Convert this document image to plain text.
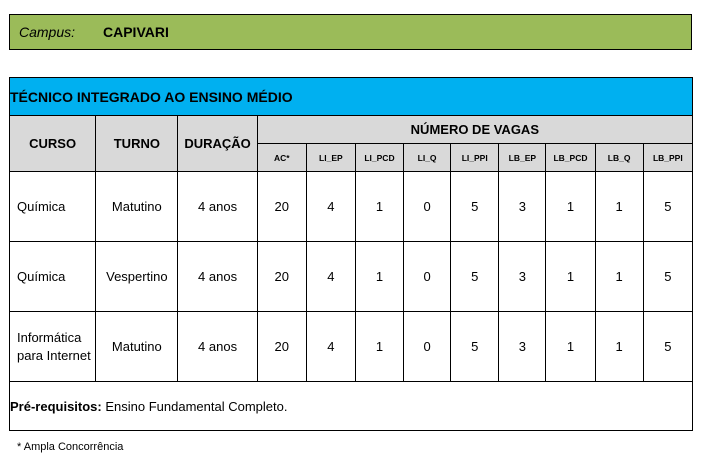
Campus:	CAPIVARI
TÉCNICO INTEGRADO AO ENSINO MÉDIO											
CURSO	TURNO	DURAÇÃO	NÚMERO DE VAGAS								
			AC*	LI_EP	LI_PCD	LI_Q	LI_PPI	LB_EP	LB_PCD	LB_Q	LB_PPI
Química	Matutino	4 anos	20	4	1	0	5	3	1	1	5
Química	Vespertino	4 anos	20	4	1	0	5	3	1	1	5
Informática para Internet	Matutino	4 anos	20	4	1	0	5	3	1	1	5
Pré-requisitos: Ensino Fundamental Completo.											
* Ampla Concorrência
